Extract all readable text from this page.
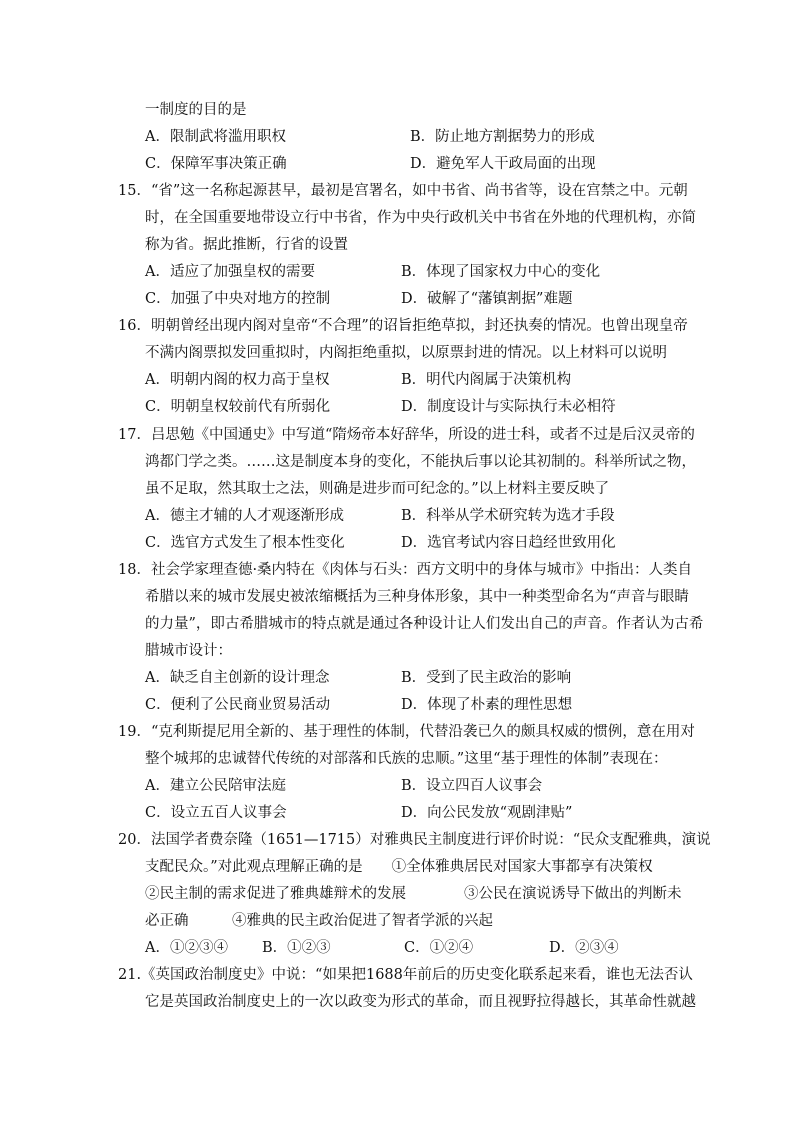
一制度的目的是
A．限制武将滥用职权	B．防止地方割据势力的形成
C．保障军事决策正确	D．避免军人干政局面的出现
15．“省”这一名称起源甚早，最初是宫署名，如中书省、尚书省等，设在宫禁之中。元朝
时，在全国重要地带设立行中书省，作为中央行政机关中书省在外地的代理机构，亦简
称为省。据此推断，行省的设置
A．适应了加强皇权的需要	B．体现了国家权力中心的变化
C．加强了中央对地方的控制	D．破解了“藩镇割据”难题
16．明朝曾经出现内阁对皇帝“不合理”的诏旨拒绝草拟，封还执奏的情况。也曾出现皇帝
不满内阁票拟发回重拟时，内阁拒绝重拟，以原票封进的情况。以上材料可以说明
A．明朝内阁的权力高于皇权	B．明代内阁属于决策机构
C．明朝皇权较前代有所弱化	D．制度设计与实际执行未必相符
17．吕思勉《中国通史》中写道“隋炀帝本好辞华，所设的进士科，或者不过是后汉灵帝的
鸿都门学之类。……这是制度本身的变化，不能执后事以论其初制的。科举所试之物，
虽不足取，然其取士之法，则确是进步而可纪念的。”以上材料主要反映了
A．德主才辅的人才观逐渐形成	B．科举从学术研究转为选才手段
C．选官方式发生了根本性变化	D．选官考试内容日趋经世致用化
18．社会学家理查德·桑内特在《肉体与石头：西方文明中的身体与城市》中指出：人类自
希腊以来的城市发展史被浓缩概括为三种身体形象，其中一种类型命名为“声音与眼睛
的力量”，即古希腊城市的特点就是通过各种设计让人们发出自己的声音。作者认为古希
腊城市设计：
A．缺乏自主创新的设计理念	B．受到了民主政治的影响
C．便利了公民商业贸易活动	D．体现了朴素的理性思想
19．“克利斯提尼用全新的、基于理性的体制，代替沿袭已久的颇具权威的惯例，意在用对
整个城邦的忠诚替代传统的对部落和氏族的忠顺。”这里“基于理性的体制”表现在：
A．建立公民陪审法庭	B．设立四百人议事会
C．设立五百人议事会	D．向公民发放“观剧津贴”
20．法国学者费奈隆（1651—1715）对雅典民主制度进行评价时说：“民众支配雅典，演说
支配民众。”对此观点理解正确的是　　①全体雅典居民对国家大事都享有决策权
②民主制的需求促进了雅典雄辩术的发展　　　　③公民在演说诱导下做出的判断未
必正确　　　④雅典的民主政治促进了智者学派的兴起
A．①②③④ B．①②③	C．①②④	D．②③④
21.《英国政治制度史》中说：“如果把1688年前后的历史变化联系起来看，谁也无法否认
它是英国政治制度史上的一次以政变为形式的革命，而且视野拉得越长，其革命性就越
